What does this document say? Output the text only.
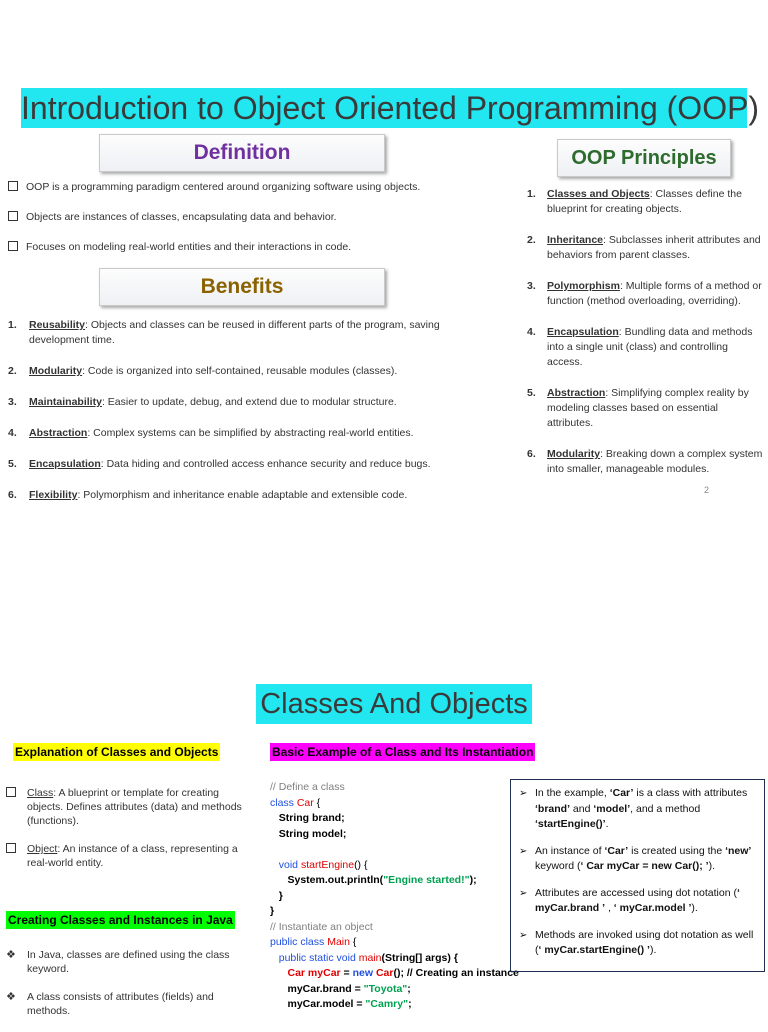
Introduction to Object Oriented Programming (OOP)
Definition
OOP is a programming paradigm centered around organizing software using objects.
Objects are instances of classes, encapsulating data and behavior.
Focuses on modeling real-world entities and their interactions in code.
Benefits
1. Reusability: Objects and classes can be reused in different parts of the program, saving development time.
2. Modularity: Code is organized into self-contained, reusable modules (classes).
3. Maintainability: Easier to update, debug, and extend due to modular structure.
4. Abstraction: Complex systems can be simplified by abstracting real-world entities.
5. Encapsulation: Data hiding and controlled access enhance security and reduce bugs.
6. Flexibility: Polymorphism and inheritance enable adaptable and extensible code.
OOP Principles
1. Classes and Objects: Classes define the blueprint for creating objects.
2. Inheritance: Subclasses inherit attributes and behaviors from parent classes.
3. Polymorphism: Multiple forms of a method or function (method overloading, overriding).
4. Encapsulation: Bundling data and methods into a single unit (class) and controlling access.
5. Abstraction: Simplifying complex reality by modeling classes based on essential attributes.
6. Modularity: Breaking down a complex system into smaller, manageable modules.
2
Classes And Objects
Explanation of Classes and Objects	Basic Example of a Class and Its Instantiation
Class: A blueprint or template for creating objects. Defines attributes (data) and methods (functions).
Object: An instance of a class, representing a real-world entity.
Creating Classes and Instances in Java
❖ In Java, classes are defined using the class keyword.
❖ A class consists of attributes (fields) and methods.
// Define a class
class Car {
String brand;
String model;

void startEngine() {
System.out.println("Engine started!");
}
}
// Instantiate an object
public class Main {
public static void main(String[] args) {
Car myCar = new Car(); // Creating an instance
myCar.brand = "Toyota";
myCar.model = "Camry";
➢ In the example, ‘Car’ is a class with attributes ‘brand’ and ‘model’, and a method ‘startEngine()’.
➢ An instance of ‘Car’ is created using the ‘new’ keyword (‘ Car myCar = new Car(); ’).
➢ Attributes are accessed using dot notation (‘ myCar.brand ’ , ‘ myCar.model ’).
➢ Methods are invoked using dot notation as well (‘ myCar.startEngine() ’).
